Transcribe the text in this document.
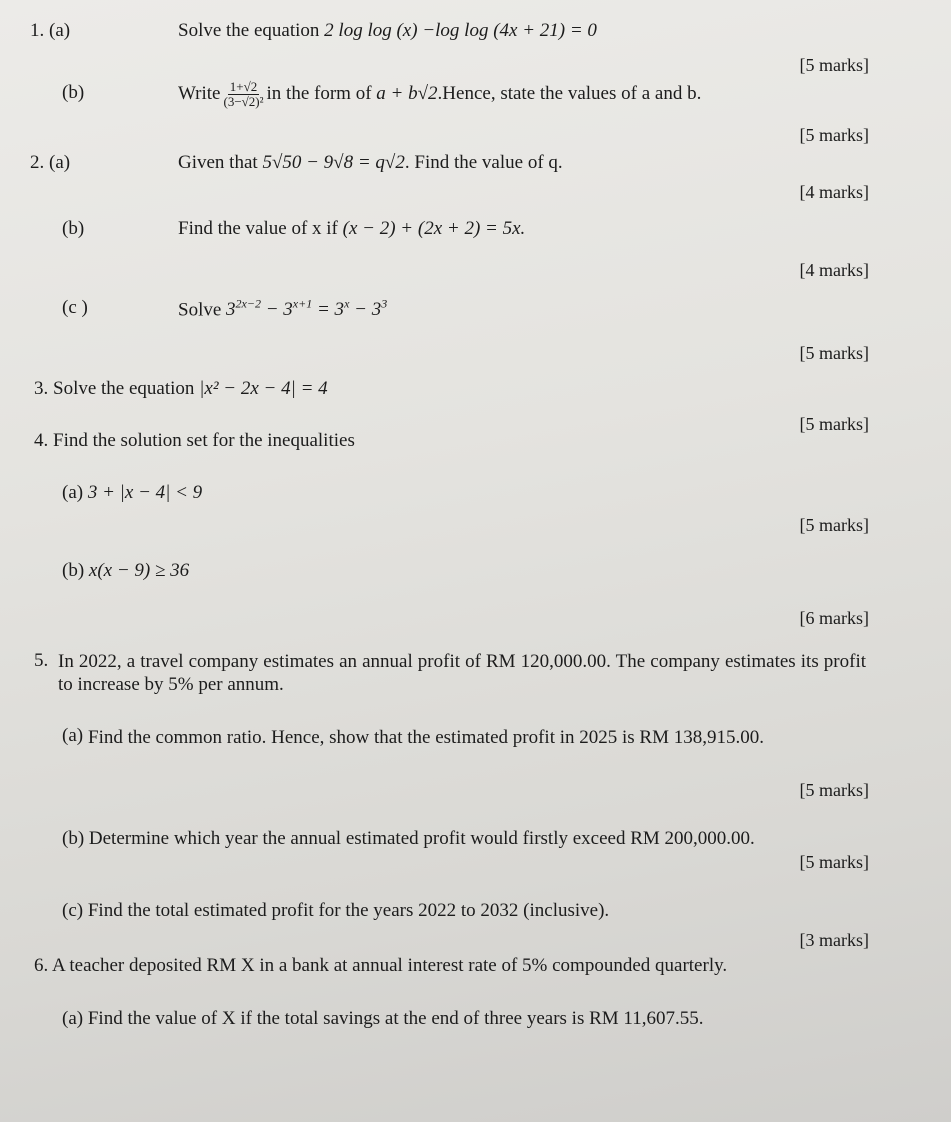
1. (a)	Solve the equation 2 log log (x) −log log (4x + 21) = 0
[5 marks]
(b)	Write $\frac{1+√2}{\text{(3−√2)²}}$ in the form of a + b√2.Hence, state the values of a and b.
[5 marks]
2. (a)	Given that 5√50 − 9√8 = q√2. Find the value of q.
[4 marks]
(b)	Find the value of x if (x − 2) + (2x + 2) = 5x.
[4 marks]
(c )	Solve $3^{2x-2} - 3^{x+1} = 3^x - 3^3$
[5 marks]
3. Solve the equation |x² − 2x − 4| = 4
[5 marks]
4. Find the solution set for the inequalities
(a) 3 + |x − 4| < 9
[5 marks]
(b) x(x − 9) ≥ 36
[6 marks]
5. In 2022, a travel company estimates an annual profit of RM 120,000.00. The company estimates its profit to increase by 5% per annum.
(a) Find the common ratio. Hence, show that the estimated profit in 2025 is RM 138,915.00.
[5 marks]
(b) Determine which year the annual estimated profit would firstly exceed RM 200,000.00.
[5 marks]
(c) Find the total estimated profit for the years 2022 to 2032 (inclusive).
[3 marks]
6. A teacher deposited RM X in a bank at annual interest rate of 5% compounded quarterly.
(a) Find the value of X if the total savings at the end of three years is RM 11,607.55.
